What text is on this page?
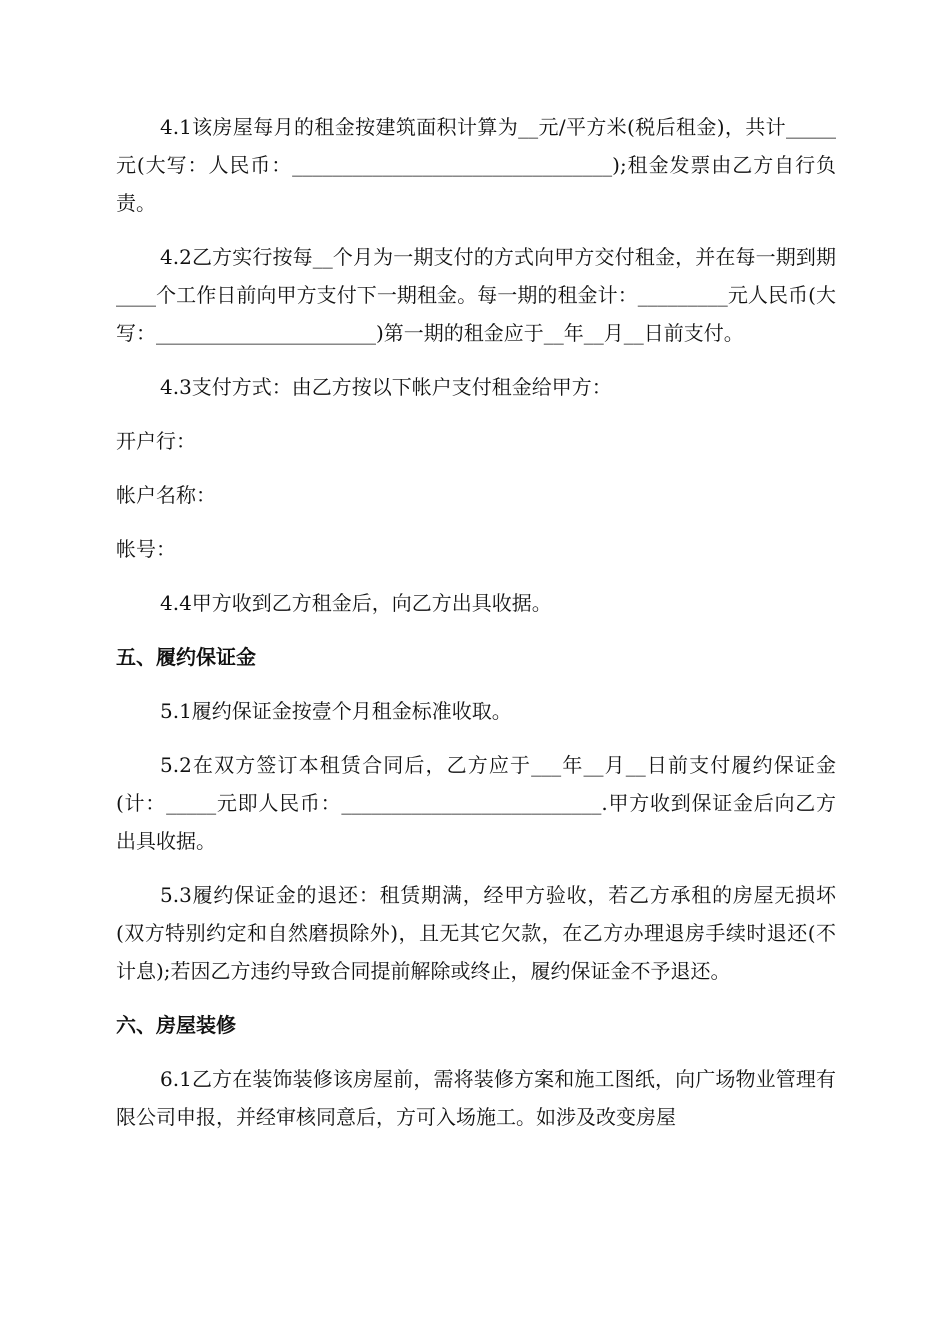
4.1该房屋每月的租金按建筑面积计算为__元/平方米(税后租金)，共计_____元(大写：人民币：________________________________);租金发票由乙方自行负责。

4.2乙方实行按每__个月为一期支付的方式向甲方交付租金，并在每一期到期____个工作日前向甲方支付下一期租金。每一期的租金计：_________元人民币(大写：______________________)第一期的租金应于__年__月__日前支付。

4.3支付方式：由乙方按以下帐户支付租金给甲方：

开户行：

帐户名称：

帐号：

4.4甲方收到乙方租金后，向乙方出具收据。

五、履约保证金

5.1履约保证金按壹个月租金标准收取。

5.2在双方签订本租赁合同后，乙方应于___年__月__日前支付履约保证金(计：_____元即人民币：__________________________.甲方收到保证金后向乙方出具收据。

5.3履约保证金的退还：租赁期满，经甲方验收，若乙方承租的房屋无损坏(双方特别约定和自然磨损除外)，且无其它欠款，在乙方办理退房手续时退还(不计息);若因乙方违约导致合同提前解除或终止，履约保证金不予退还。

六、房屋装修

6.1乙方在装饰装修该房屋前，需将装修方案和施工图纸，向广场物业管理有限公司申报，并经审核同意后，方可入场施工。如涉及改变房屋
